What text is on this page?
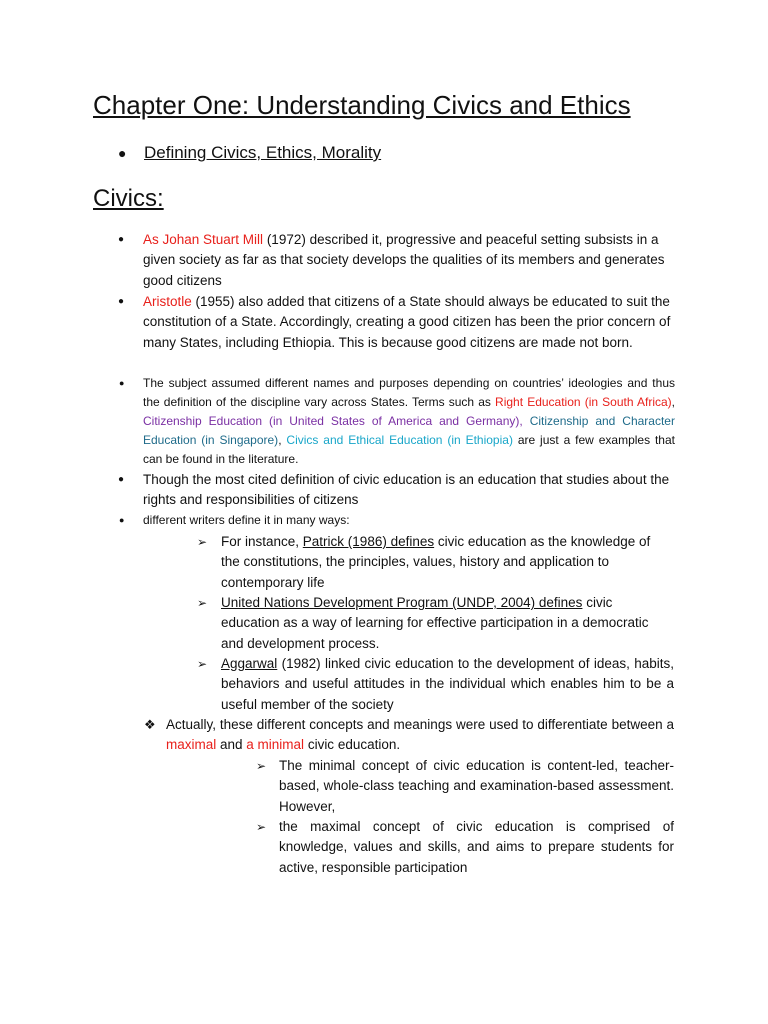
Chapter One: Understanding Civics and Ethics
● Defining Civics, Ethics, Morality
Civics:
●	As Johan Stuart Mill (1972) described it, progressive and peaceful setting subsists in a given society as far as that society develops the qualities of its members and generates good citizens
●	Aristotle (1955) also added that citizens of a State should always be educated to suit the constitution of a State. Accordingly, creating a good citizen has been the prior concern of many States, including Ethiopia. This is because good citizens are made not born.
●	The subject assumed different names and purposes depending on countries’ ideologies and thus the definition of the discipline vary across States. Terms such as Right Education (in South Africa), Citizenship Education (in United States of America and Germany), Citizenship and Character Education (in Singapore), Civics and Ethical Education (in Ethiopia) are just a few examples that can be found in the literature.
●	Though the most cited definition of civic education is an education that studies about the rights and responsibilities of citizens
●	different writers define it in many ways:
➢	For instance, Patrick (1986) defines civic education as the knowledge of the constitutions, the principles, values, history and application to contemporary life
➢	United Nations Development Program (UNDP, 2004) defines civic education as a way of learning for effective participation in a democratic and development process.
➢	Aggarwal (1982) linked civic education to the development of ideas, habits, behaviors and useful attitudes in the individual which enables him to be a useful member of the society
❖ Actually, these different concepts and meanings were used to differentiate between a maximal and a minimal civic education.
➢ The minimal concept of civic education is content-led, teacher-based, whole-class teaching and examination-based assessment. However,
➢ the maximal concept of civic education is comprised of knowledge, values and skills, and aims to prepare students for active, responsible participation
